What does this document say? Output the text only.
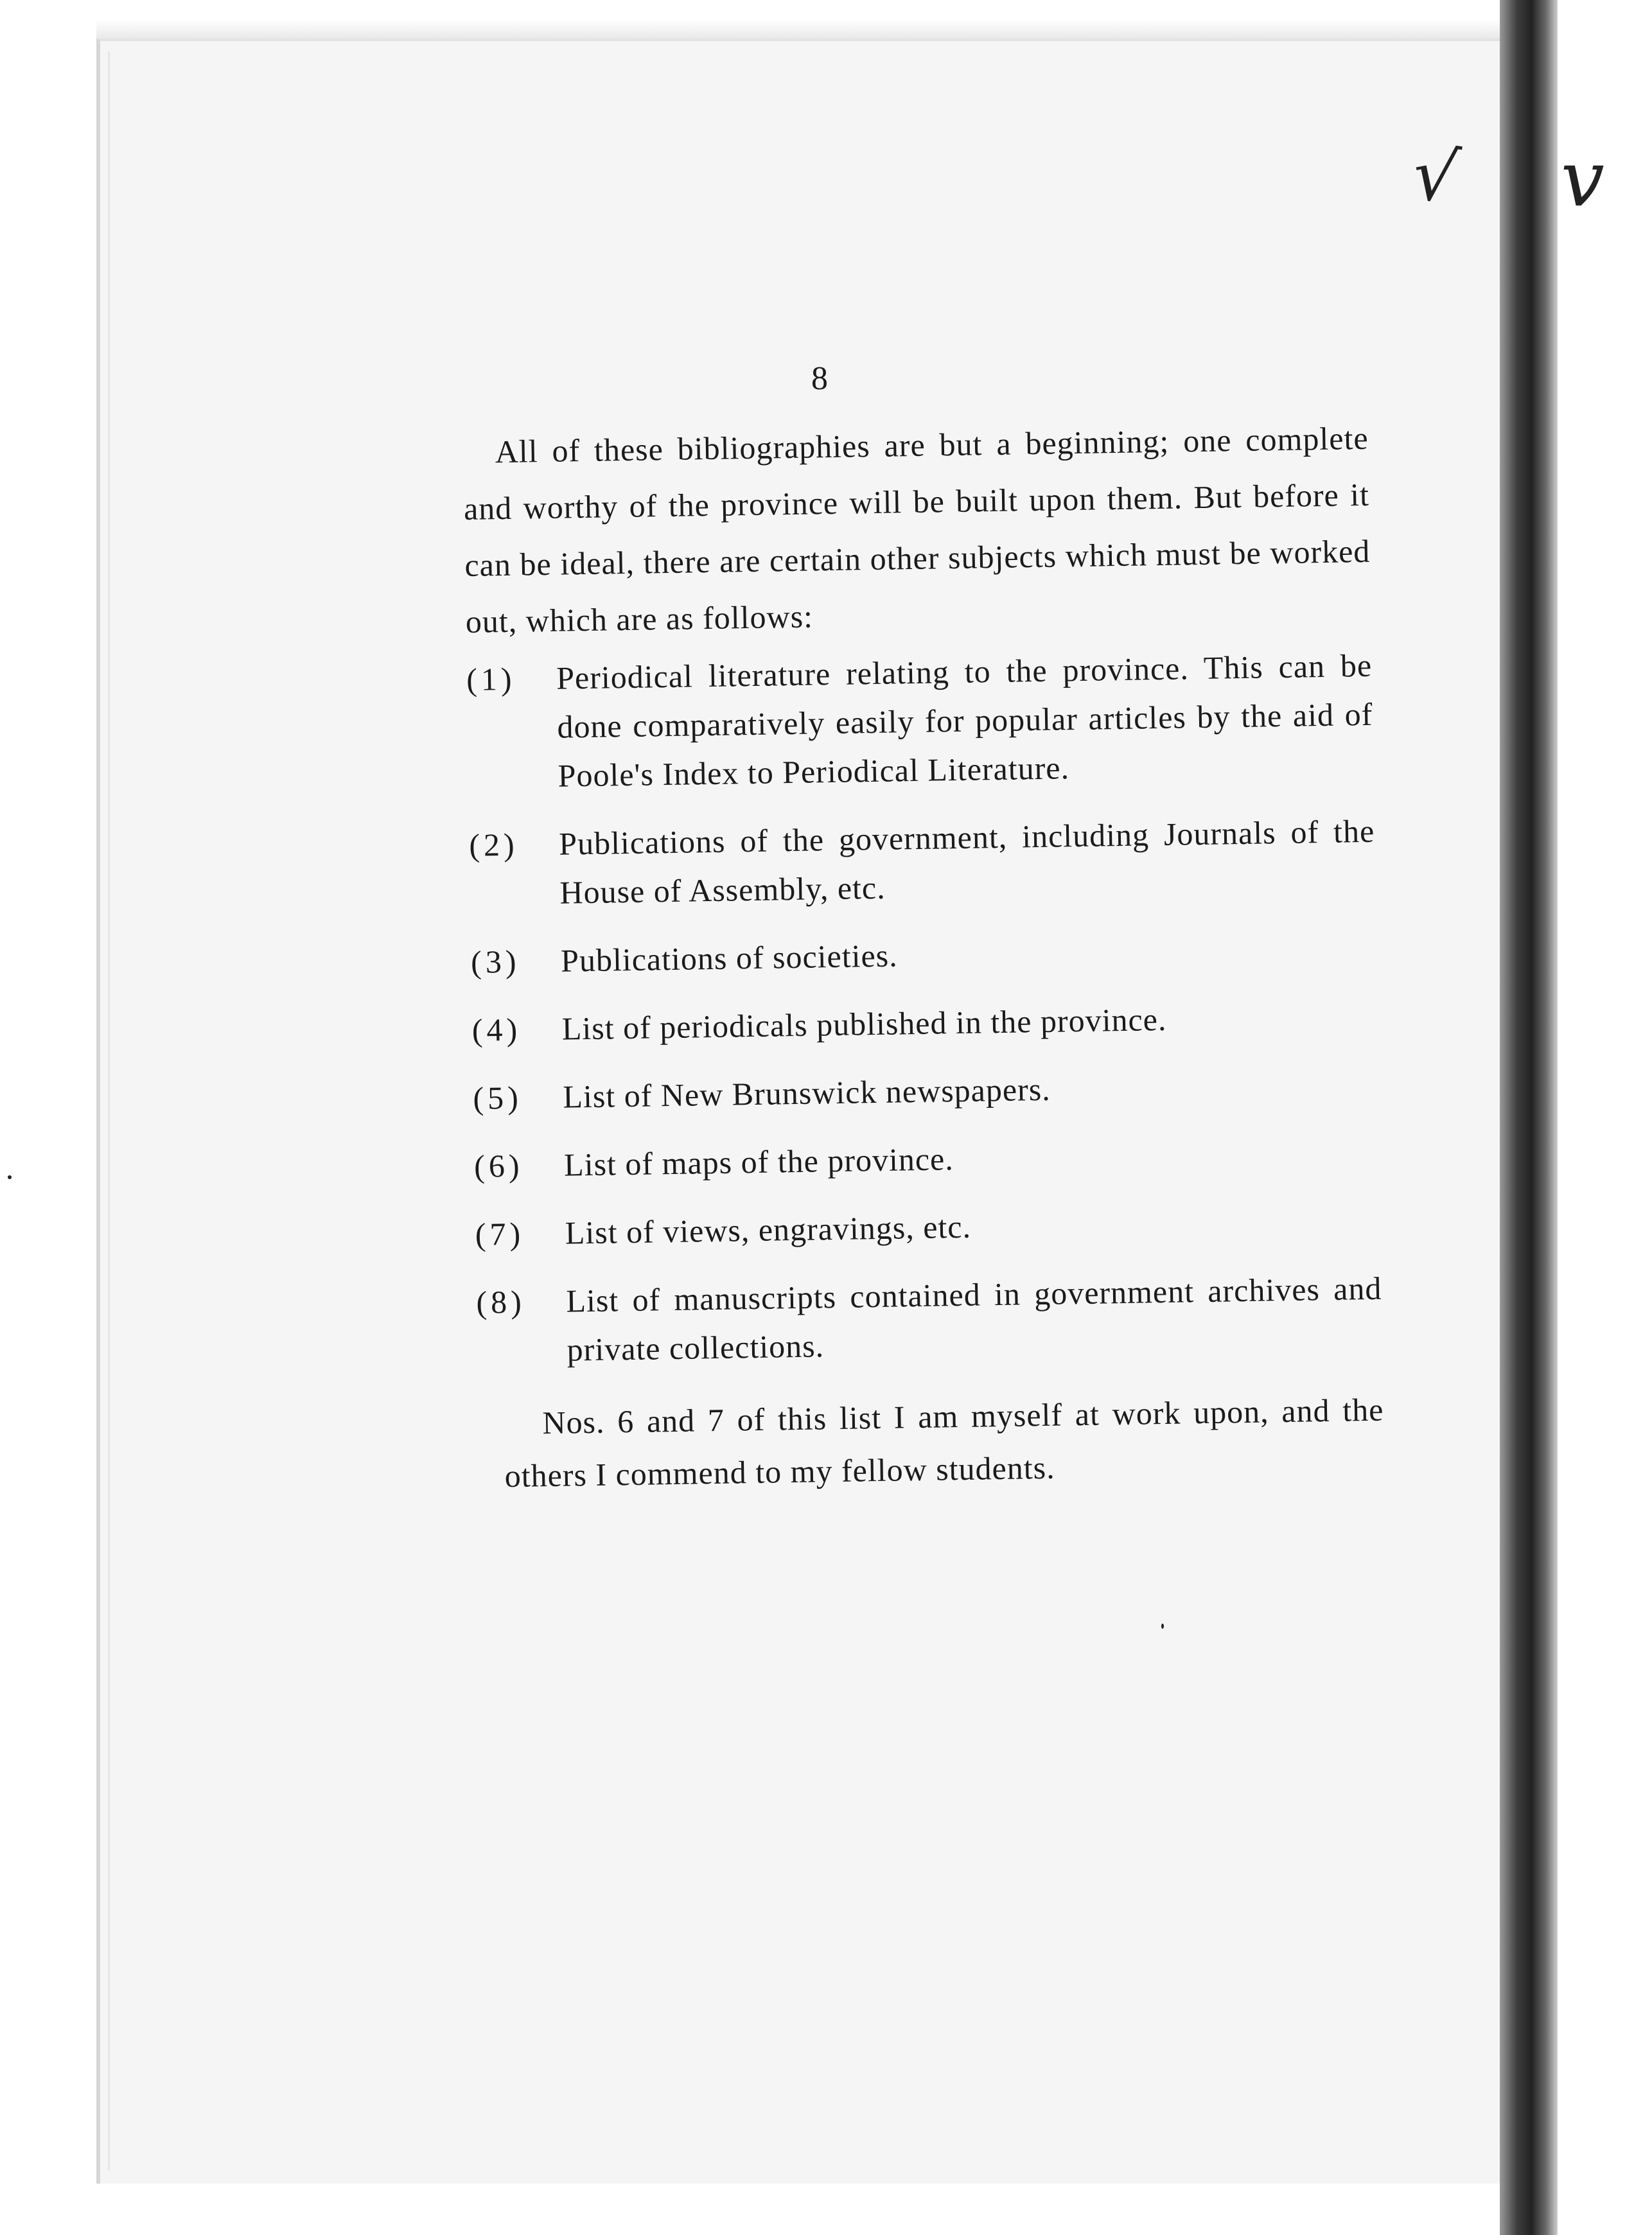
√ v
8

All of these bibliographies are but a beginning; one complete and worthy of the province will be built upon them. But before it can be ideal, there are certain other subjects which must be worked out, which are as follows:

(1)	Periodical literature relating to the province. This can be done comparatively easily for popular articles by the aid of Poole's Index to Periodical Literature.
(2)	Publications of the government, including Journals of the House of Assembly, etc.
(3)	Publications of societies.
(4)	List of periodicals published in the province.
(5)	List of New Brunswick newspapers.
(6)	List of maps of the province.
(7)	List of views, engravings, etc.
(8)	List of manuscripts contained in government archives and private collections.

Nos. 6 and 7 of this list I am myself at work upon, and the others I commend to my fellow students.
